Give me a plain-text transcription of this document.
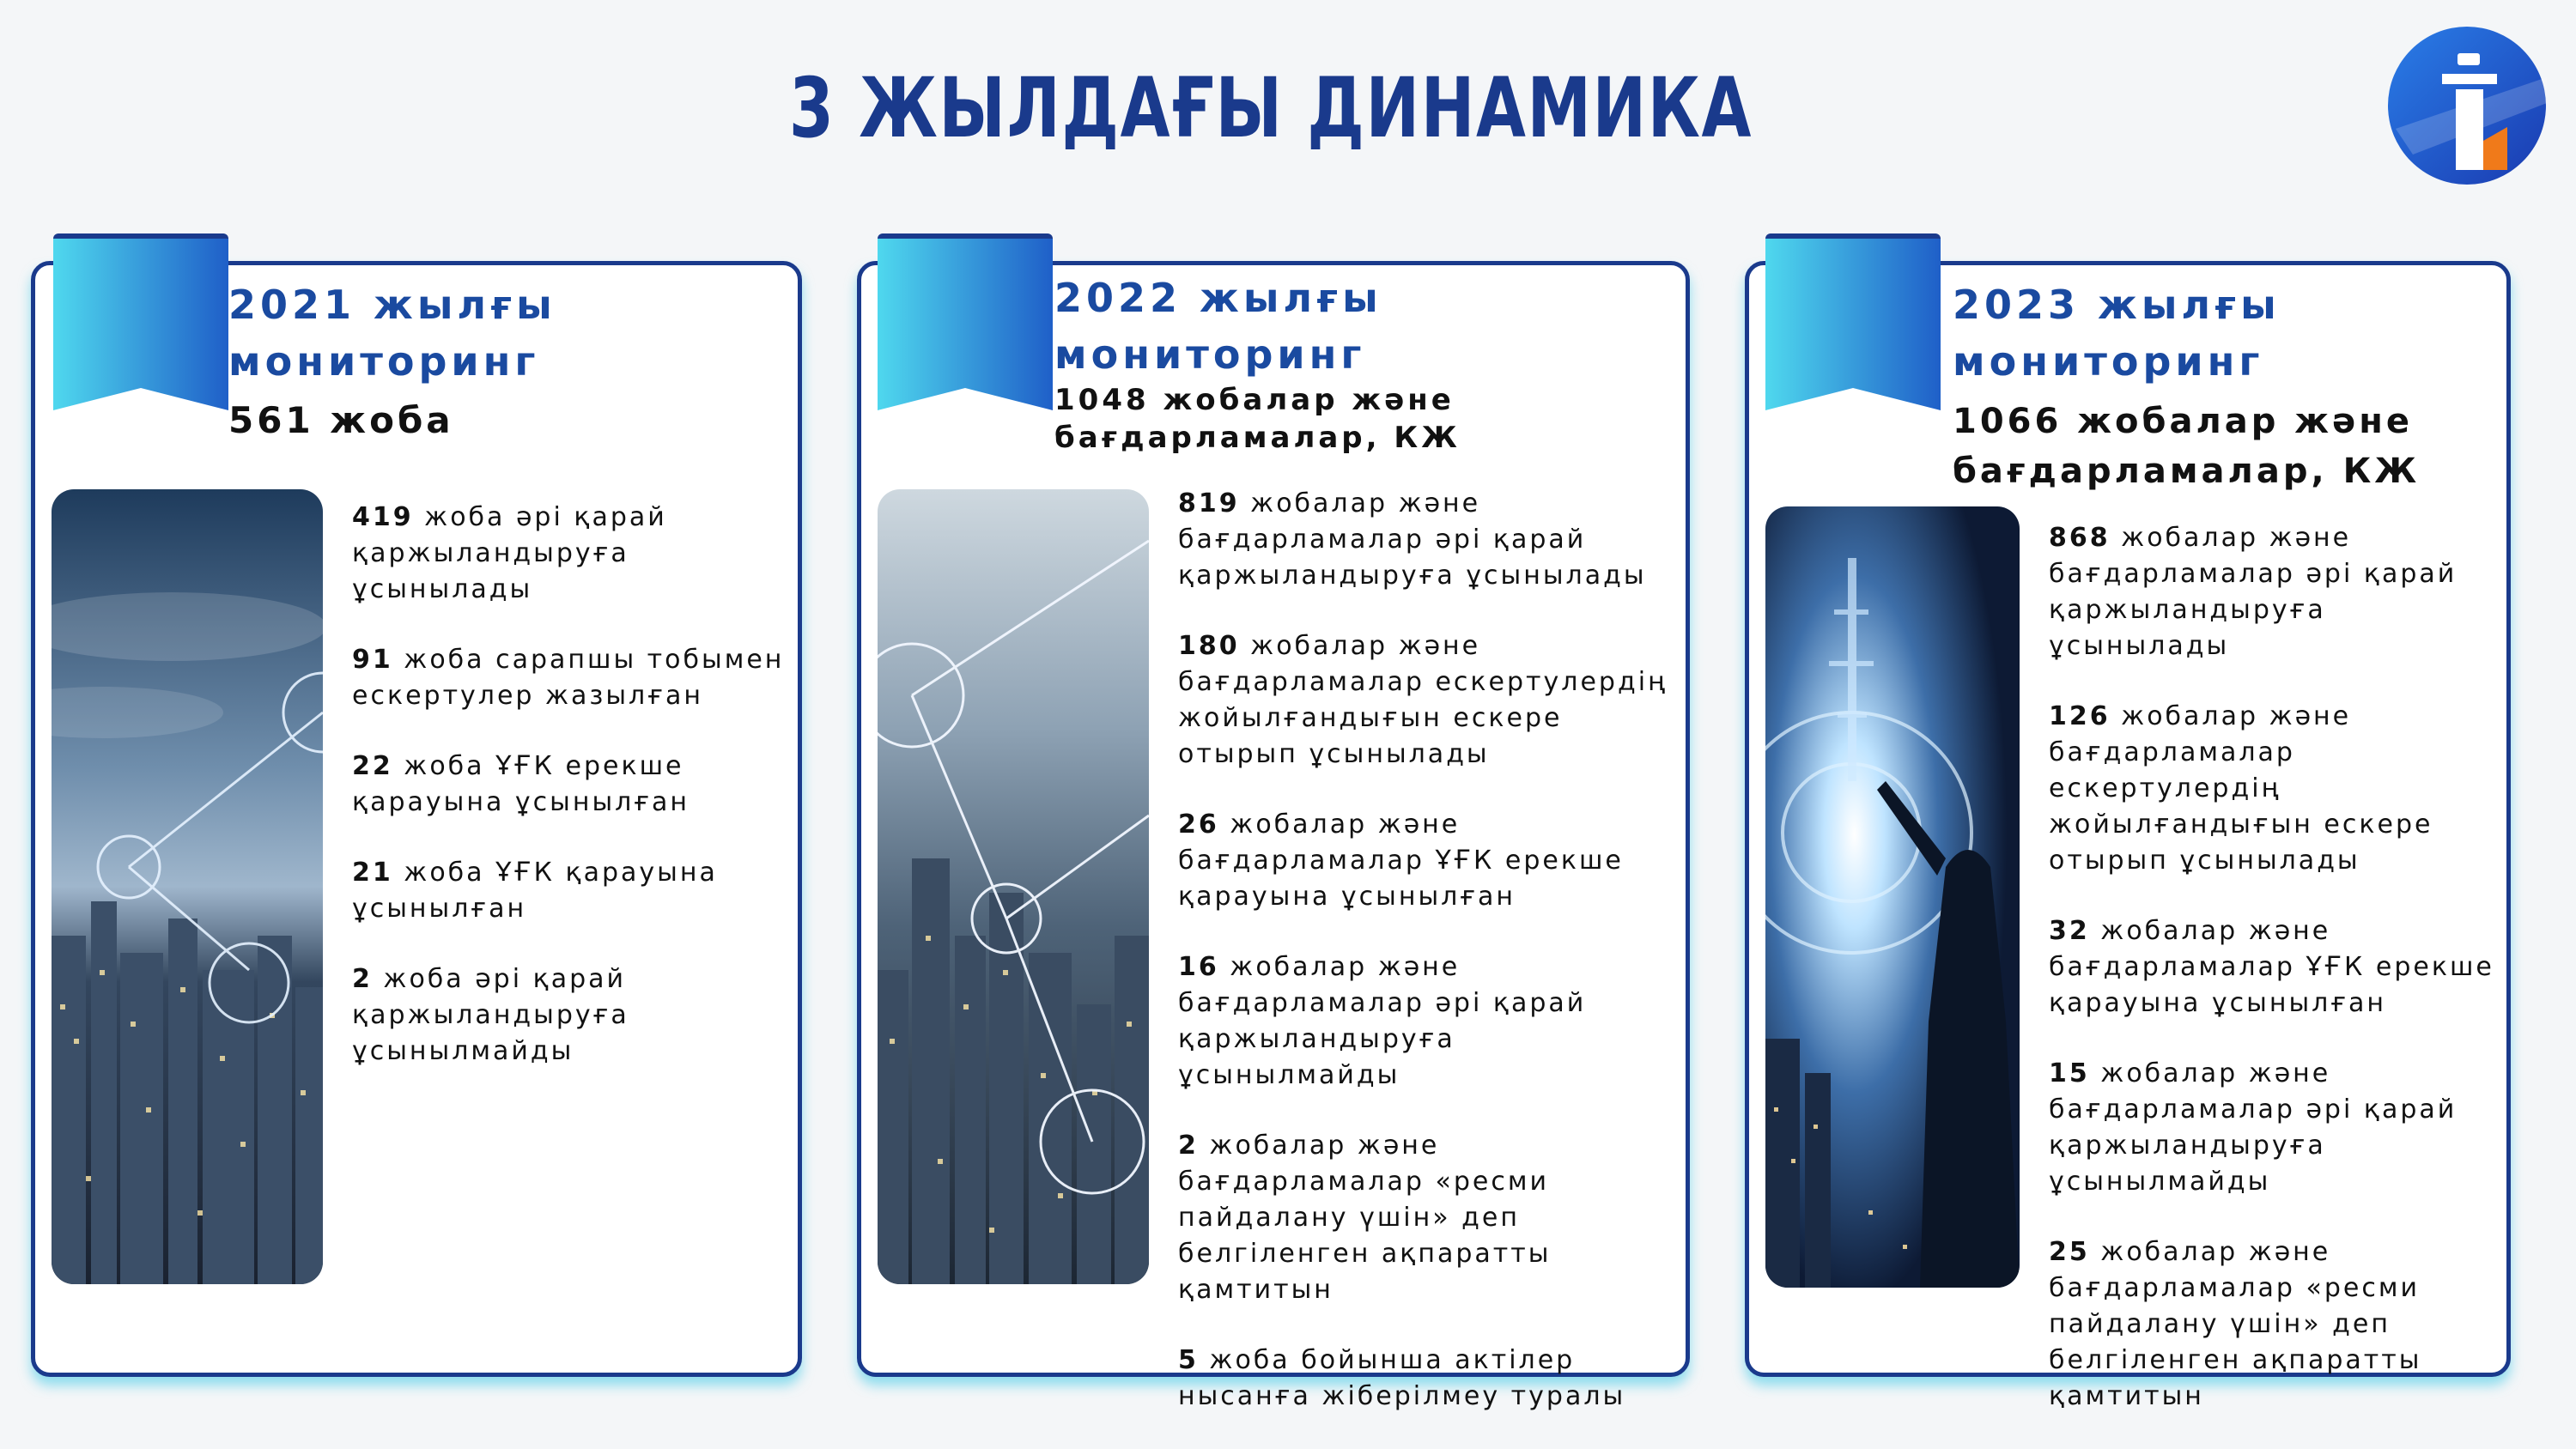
3 ЖЫЛДАҒЫ ДИНАМИКА
2021 жылғы
мониторинг
561 жоба

419 жоба әрі қарай қаржыландыруға ұсынылады

91 жоба сарапшы тобымен ескертулер жазылған

22 жоба ҰҒК ерекше қарауына ұсынылған

21 жоба ҰҒК қарауына ұсынылған

2 жоба әрі қарай қаржыландыруға ұсынылмайды

2022 жылғы
мониторинг
1048 жобалар және бағдарламалар, КЖ

819 жобалар және бағдарламалар әрі қарай қаржыландыруға ұсынылады

180 жобалар және бағдарламалар ескертулердің жойылғандығын ескере отырып ұсынылады

26 жобалар және бағдарламалар ҰҒК ерекше қарауына ұсынылған

16 жобалар және бағдарламалар әрі қарай қаржыландыруға ұсынылмайды

2 жобалар және бағдарламалар «ресми пайдалану үшін» деп белгіленген ақпаратты қамтитын

5 жоба бойынша актілер нысанға жіберілмеу туралы

2023 жылғы
мониторинг
1066 жобалар және бағдарламалар, КЖ

868 жобалар және бағдарламалар әрі қарай қаржыландыруға ұсынылады

126 жобалар және бағдарламалар ескертулердің жойылғандығын ескере отырып ұсынылады

32 жобалар және бағдарламалар ҰҒК ерекше қарауына ұсынылған

15 жобалар және бағдарламалар әрі қарай қаржыландыруға ұсынылмайды

25 жобалар және бағдарламалар «ресми пайдалану үшін» деп белгіленген ақпаратты қамтитын
